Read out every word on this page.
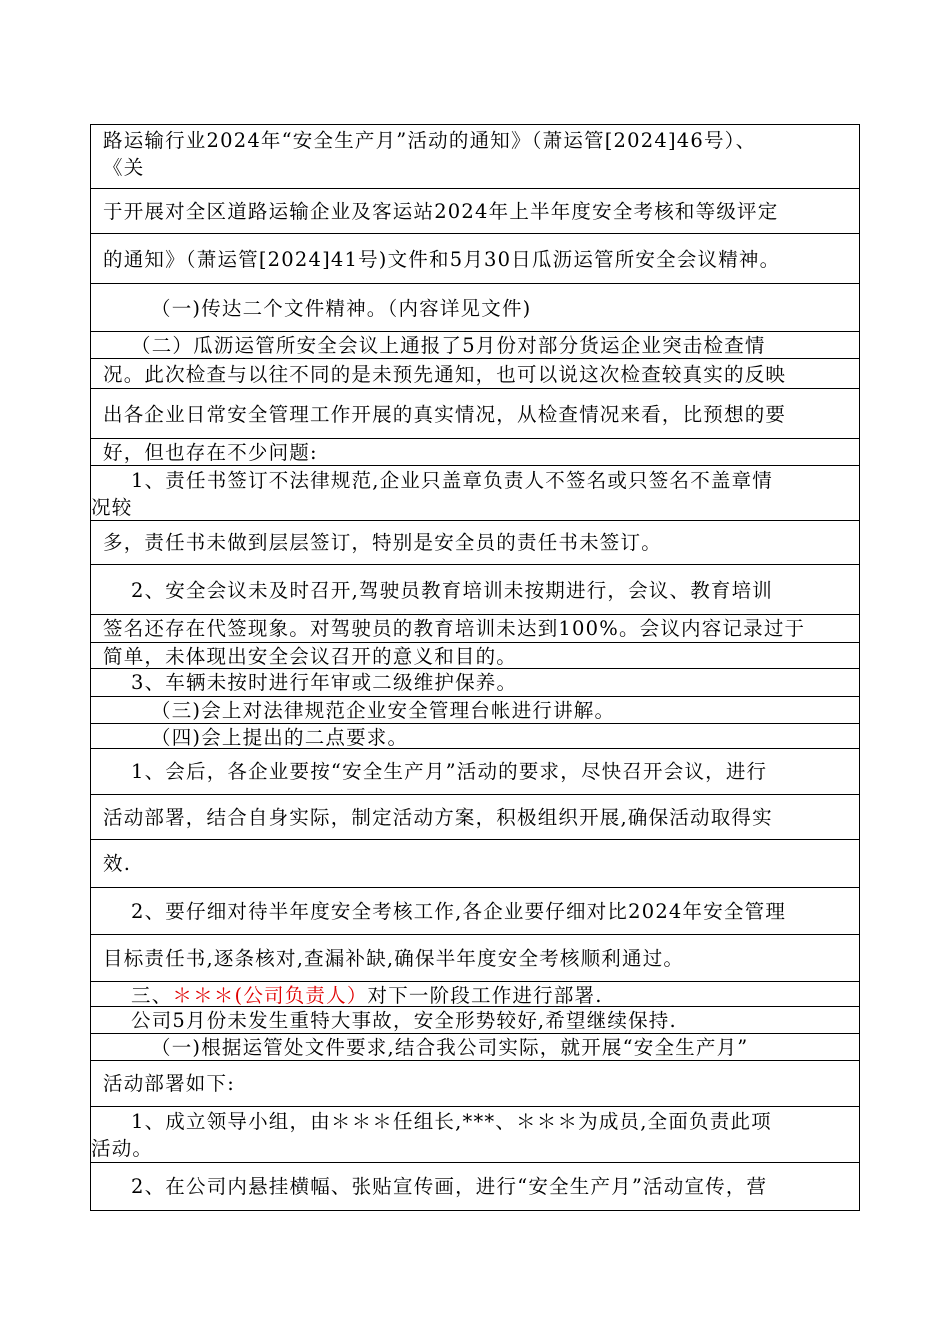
路运输行业2024年“安全生产月”活动的通知》（萧运管[2024]46号）、
《关
于开展对全区道路运输企业及客运站2024年上半年度安全考核和等级评定
的通知》（萧运管[2024]41号)文件和5月30日瓜沥运管所安全会议精神。
（一)传达二个文件精神。（内容详见文件)
（二）瓜沥运管所安全会议上通报了5月份对部分货运企业突击检查情
况。此次检查与以往不同的是未预先通知，也可以说这次检查较真实的反映
出各企业日常安全管理工作开展的真实情况，从检查情况来看，比预想的要
好，但也存在不少问题:
1、责任书签订不法律规范,企业只盖章负责人不签名或只签名不盖章情
况较
多，责任书未做到层层签订，特别是安全员的责任书未签订。
2、安全会议未及时召开,驾驶员教育培训未按期进行，会议、教育培训
签名还存在代签现象。对驾驶员的教育培训未达到100%。会议内容记录过于
简单，未体现出安全会议召开的意义和目的。
3、车辆未按时进行年审或二级维护保养。
（三)会上对法律规范企业安全管理台帐进行讲解。
（四)会上提出的二点要求。
1、会后，各企业要按“安全生产月”活动的要求，尽快召开会议，进行
活动部署，结合自身实际，制定活动方案，积极组织开展,确保活动取得实
效.
2、要仔细对待半年度安全考核工作,各企业要仔细对比2024年安全管理
目标责任书,逐条核对,查漏补缺,确保半年度安全考核顺利通过。
三、＊＊＊(公司负责人）对下一阶段工作进行部署.
公司5月份未发生重特大事故，安全形势较好,希望继续保持.
（一)根据运管处文件要求,结合我公司实际，就开展“安全生产月”
活动部署如下:
1、成立领导小组，由＊＊＊任组长,***、＊＊＊为成员,全面负责此项
活动。
2、在公司内悬挂横幅、张贴宣传画，进行“安全生产月”活动宣传，营
